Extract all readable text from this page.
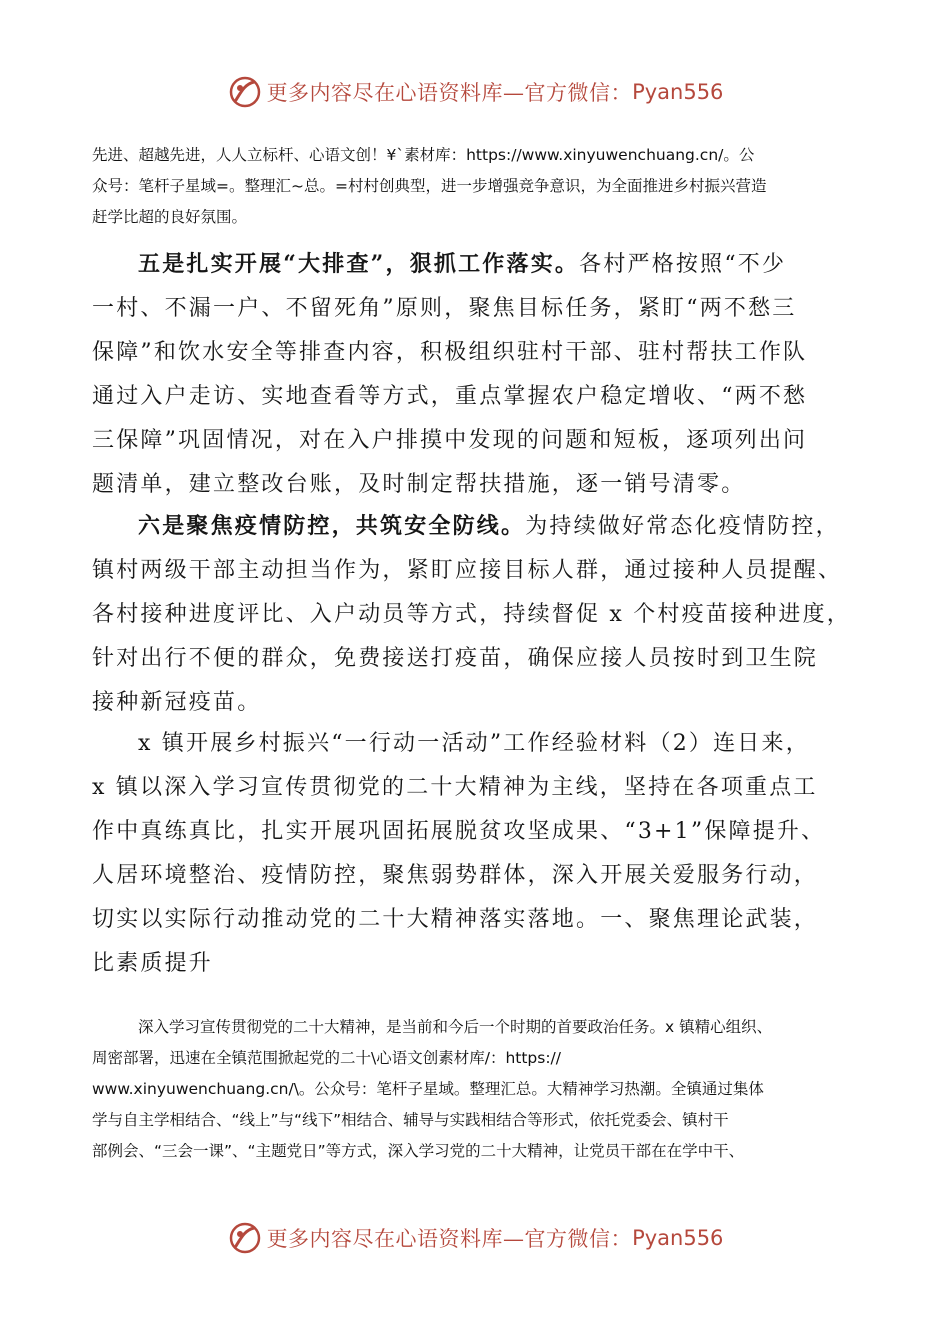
更多内容尽在心语资料库—官方微信： Pyan556

先进、超越先进，人人立标杆、心语文创！¥`素材库：https://www.xinyuwenchuang.cn/。公

众号：笔杆子星域=。整理汇~总。=村村创典型，进一步增强竞争意识，为全面推进乡村振兴营造

赶学比超的良好氛围。

五是扎实开展“大排查”，狠抓工作落实。各村严格按照“不少

一村、不漏一户、不留死角”原则，聚焦目标任务，紧盯“两不愁三

保障”和饮水安全等排查内容，积极组织驻村干部、驻村帮扶工作队

通过入户走访、实地查看等方式，重点掌握农户稳定增收、“两不愁

三保障”巩固情况，对在入户排摸中发现的问题和短板，逐项列出问

题清单，建立整改台账，及时制定帮扶措施，逐一销号清零。

六是聚焦疫情防控，共筑安全防线。为持续做好常态化疫情防控，

镇村两级干部主动担当作为，紧盯应接目标人群，通过接种人员提醒、

各村接种进度评比、入户动员等方式，持续督促 x 个村疫苗接种进度，

针对出行不便的群众，免费接送打疫苗，确保应接人员按时到卫生院

接种新冠疫苗。

x 镇开展乡村振兴“一行动一活动”工作经验材料（2）连日来，

x 镇以深入学习宣传贯彻党的二十大精神为主线，坚持在各项重点工

作中真练真比，扎实开展巩固拓展脱贫攻坚成果、“3+1”保障提升、

人居环境整治、疫情防控，聚焦弱势群体，深入开展关爱服务行动，

切实以实际行动推动党的二十大精神落实落地。一、聚焦理论武装，

比素质提升

深入学习宣传贯彻党的二十大精神，是当前和今后一个时期的首要政治任务。x 镇精心组织、

周密部署，迅速在全镇范围掀起党的二十\心语文创素材库/：https://

www.xinyuwenchuang.cn/\。公众号：笔杆子星域。整理汇总。大精神学习热潮。全镇通过集体

学与自主学相结合、“线上”与“线下”相结合、辅导与实践相结合等形式，依托党委会、镇村干

部例会、“三会一课”、“主题党日”等方式，深入学习党的二十大精神，让党员干部在在学中干、

更多内容尽在心语资料库—官方微信： Pyan556
